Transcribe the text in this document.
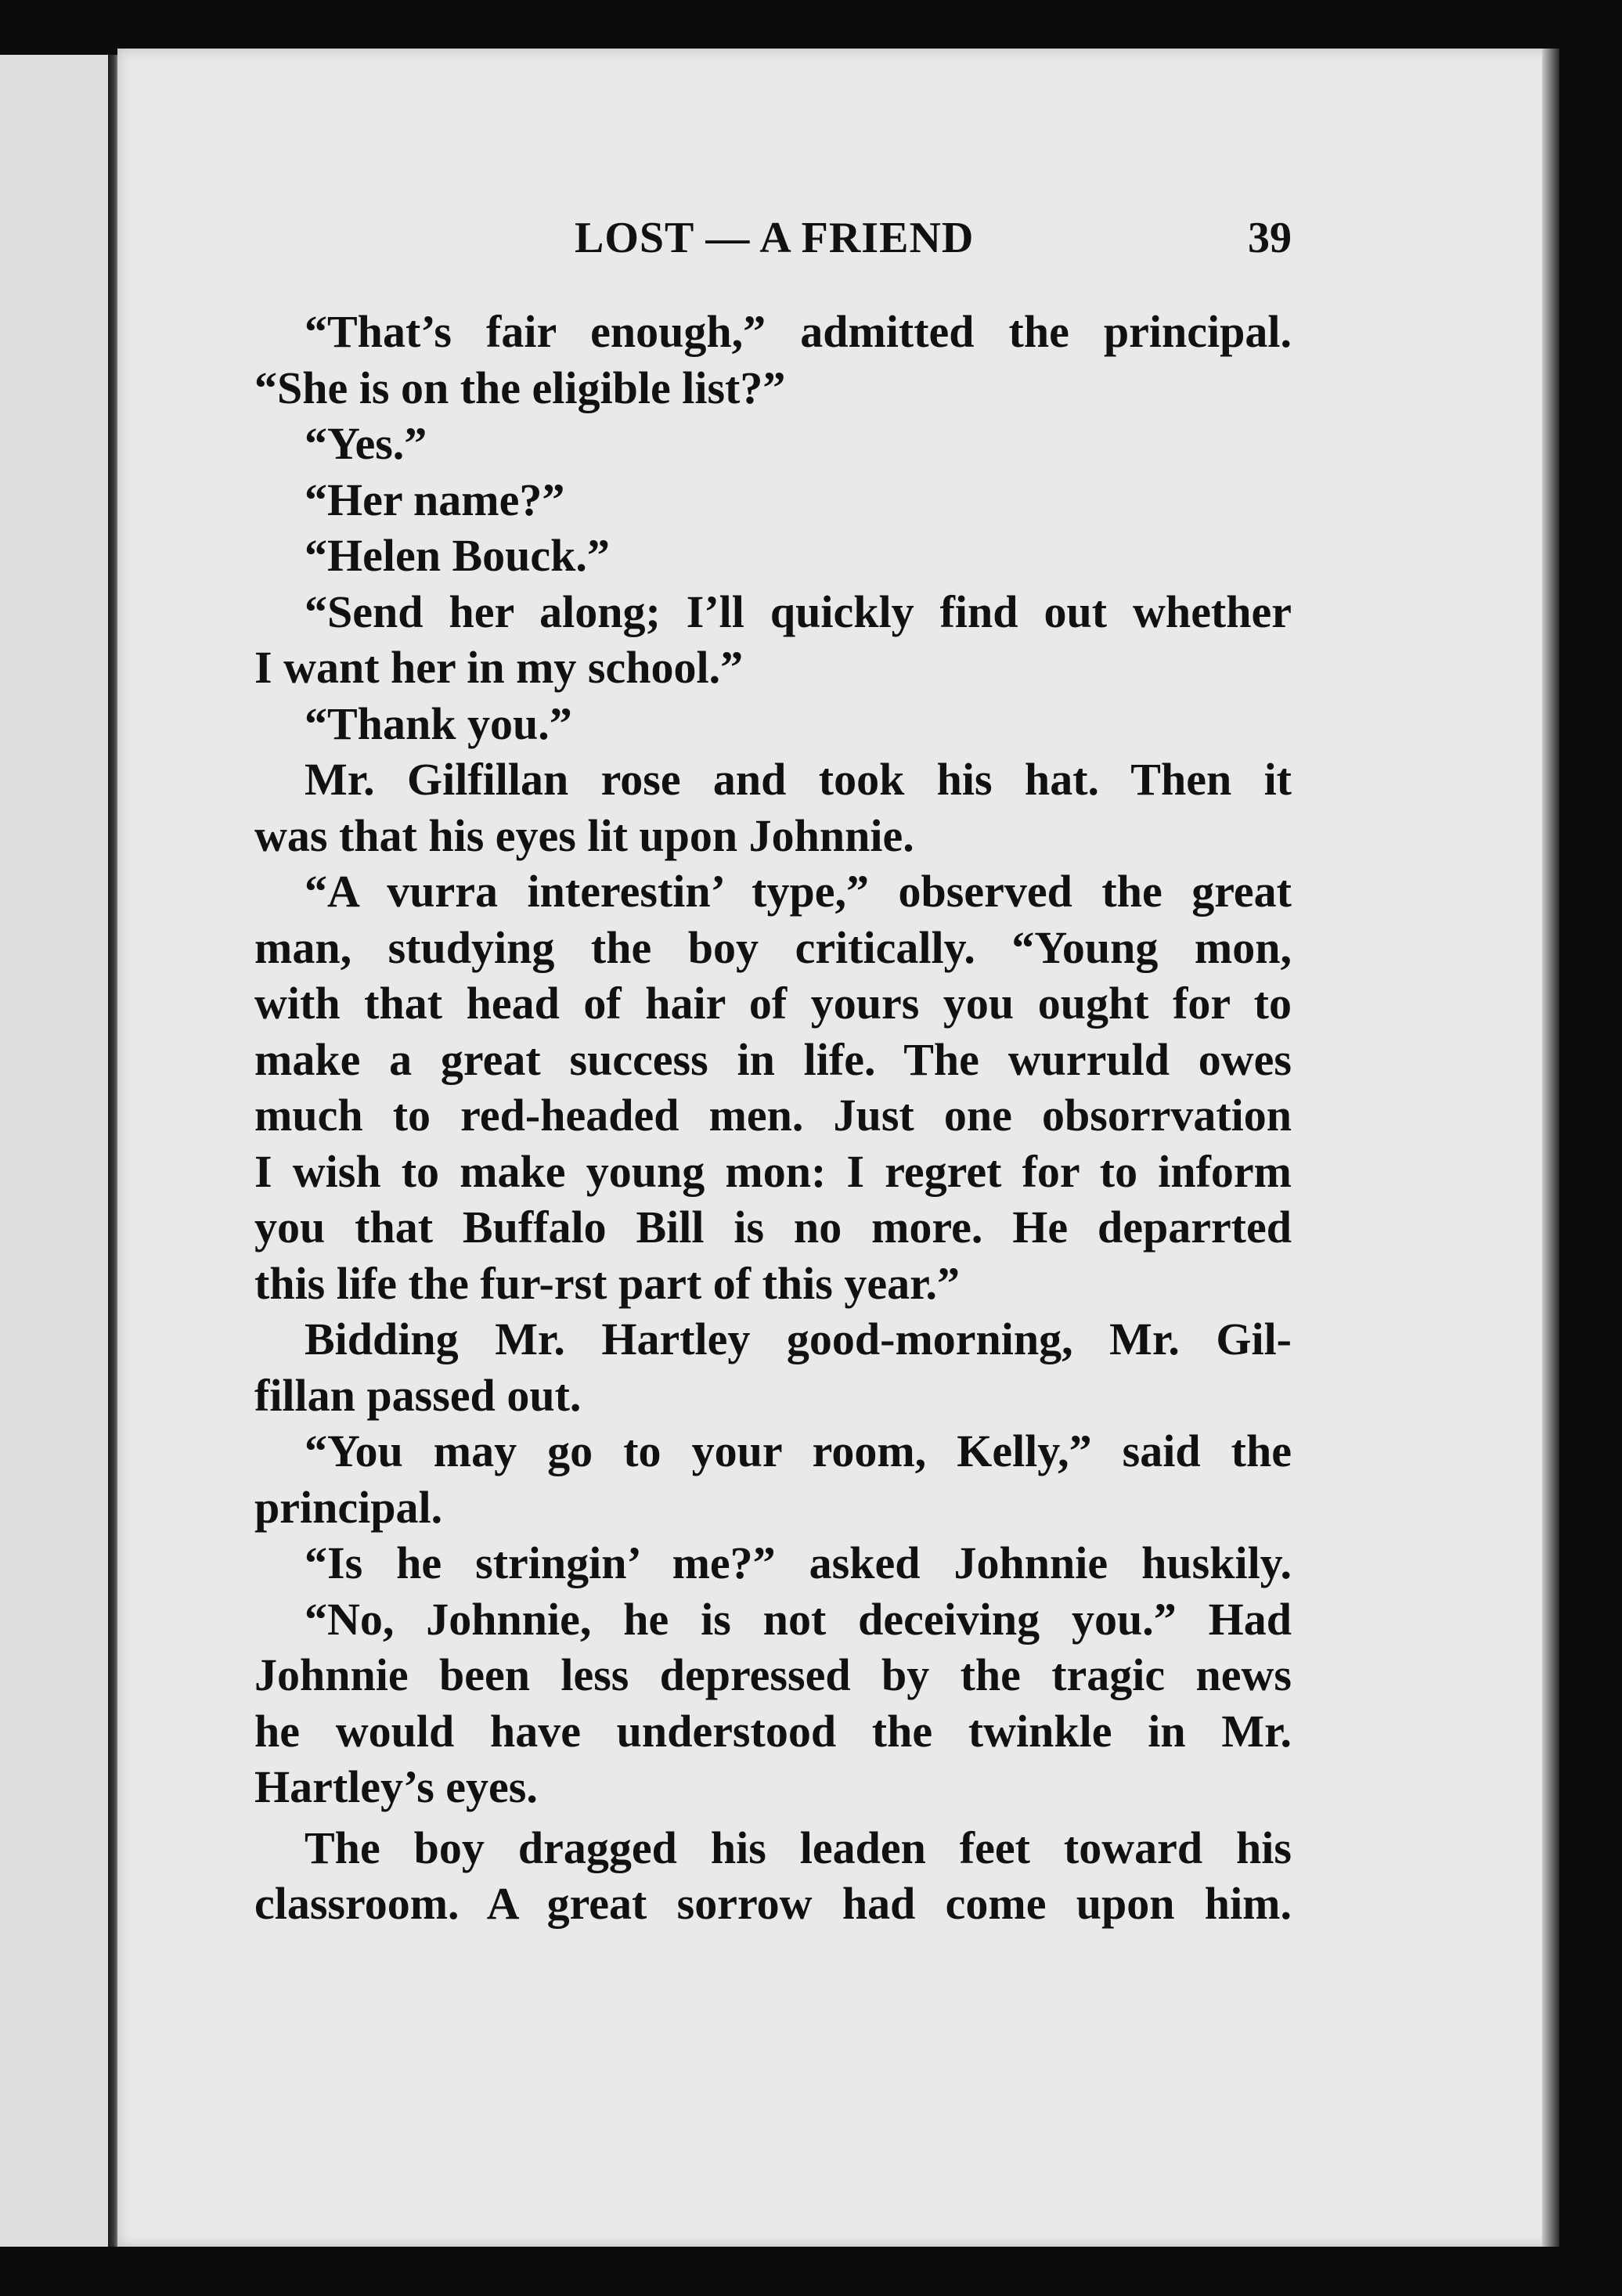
LOST — A FRIEND	39
“That’s fair enough,” admitted the principal.
“She is on the eligible list?”
“Yes.”
“Her name?”
“Helen Bouck.”
“Send her along; I’ll quickly find out whether
I want her in my school.”
“Thank you.”
Mr. Gilfillan rose and took his hat. Then it
was that his eyes lit upon Johnnie.
“A vurra interestin’ type,” observed the great
man, studying the boy critically. “Young mon,
with that head of hair of yours you ought for to
make a great success in life. The wurruld owes
much to red-headed men. Just one obsorrvation
I wish to make young mon: I regret for to inform
you that Buffalo Bill is no more. He deparrted
this life the fur-rst part of this year.”
Bidding Mr. Hartley good-morning, Mr. Gil-
fillan passed out.
“You may go to your room, Kelly,” said the
principal.
“Is he stringin’ me?” asked Johnnie huskily.
“No, Johnnie, he is not deceiving you.” Had
Johnnie been less depressed by the tragic news
he would have understood the twinkle in Mr.
Hartley’s eyes.
The boy dragged his leaden feet toward his
classroom. A great sorrow had come upon him.
